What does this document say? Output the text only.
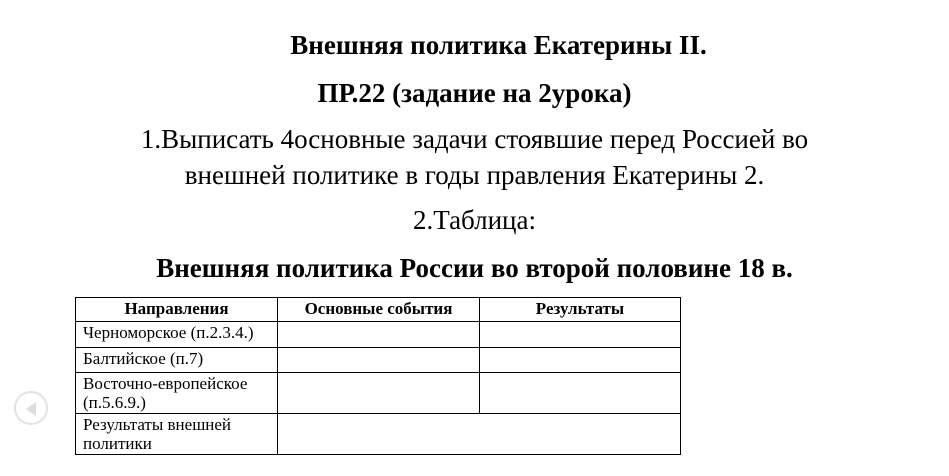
Внешняя политика Екатерины II.
ПР.22 (задание на 2урока)
1.Выписать 4основные задачи стоявшие перед Россией во
внешней политике в годы правления Екатерины 2.
2.Таблица:
Внешняя политика России во второй половине 18 в.
Направления	Основные события	Результаты
Черноморское (п.2.3.4.)		
Балтийское (п.7)		
Восточно-европейское (п.5.6.9.)		
Результаты внешней политики		
